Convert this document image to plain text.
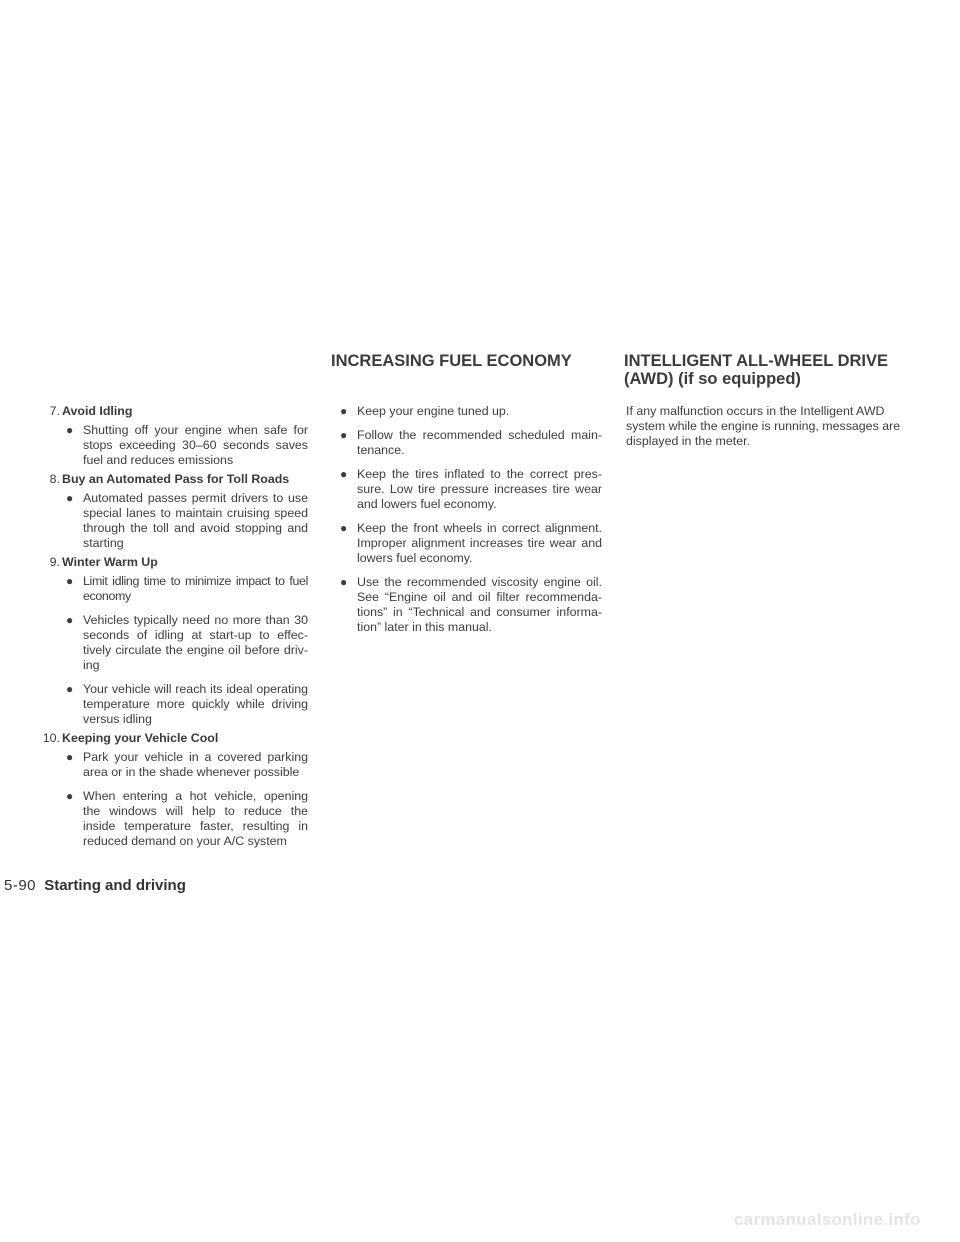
INCREASING FUEL ECONOMY	INTELLIGENT ALL-WHEEL DRIVE
(AWD) (if so equipped)
7. Avoid Idling
● Shutting off your engine when safe for stops exceeding 30–60 seconds saves fuel and reduces emissions
8. Buy an Automated Pass for Toll Roads
● Automated passes permit drivers to use special lanes to maintain cruising speed through the toll and avoid stopping and starting
9. Winter Warm Up
● Limit idling time to minimize impact to fuel economy
● Vehicles typically need no more than 30 seconds of idling at start-up to effec-tively circulate the engine oil before driv-ing
● Your vehicle will reach its ideal operating temperature more quickly while driving versus idling
10. Keeping your Vehicle Cool
● Park your vehicle in a covered parking area or in the shade whenever possible
● When entering a hot vehicle, opening the windows will help to reduce the inside temperature faster, resulting in reduced demand on your A/C system
● Keep your engine tuned up.
● Follow the recommended scheduled main-tenance.
● Keep the tires inflated to the correct pres-sure. Low tire pressure increases tire wear and lowers fuel economy.
● Keep the front wheels in correct alignment. Improper alignment increases tire wear and lowers fuel economy.
● Use the recommended viscosity engine oil. See “Engine oil and oil filter recommenda-tions” in “Technical and consumer informa-tion” later in this manual.
If any malfunction occurs in the Intelligent AWD system while the engine is running, messages are displayed in the meter.
5-90 Starting and driving
carmanualsonline.info
